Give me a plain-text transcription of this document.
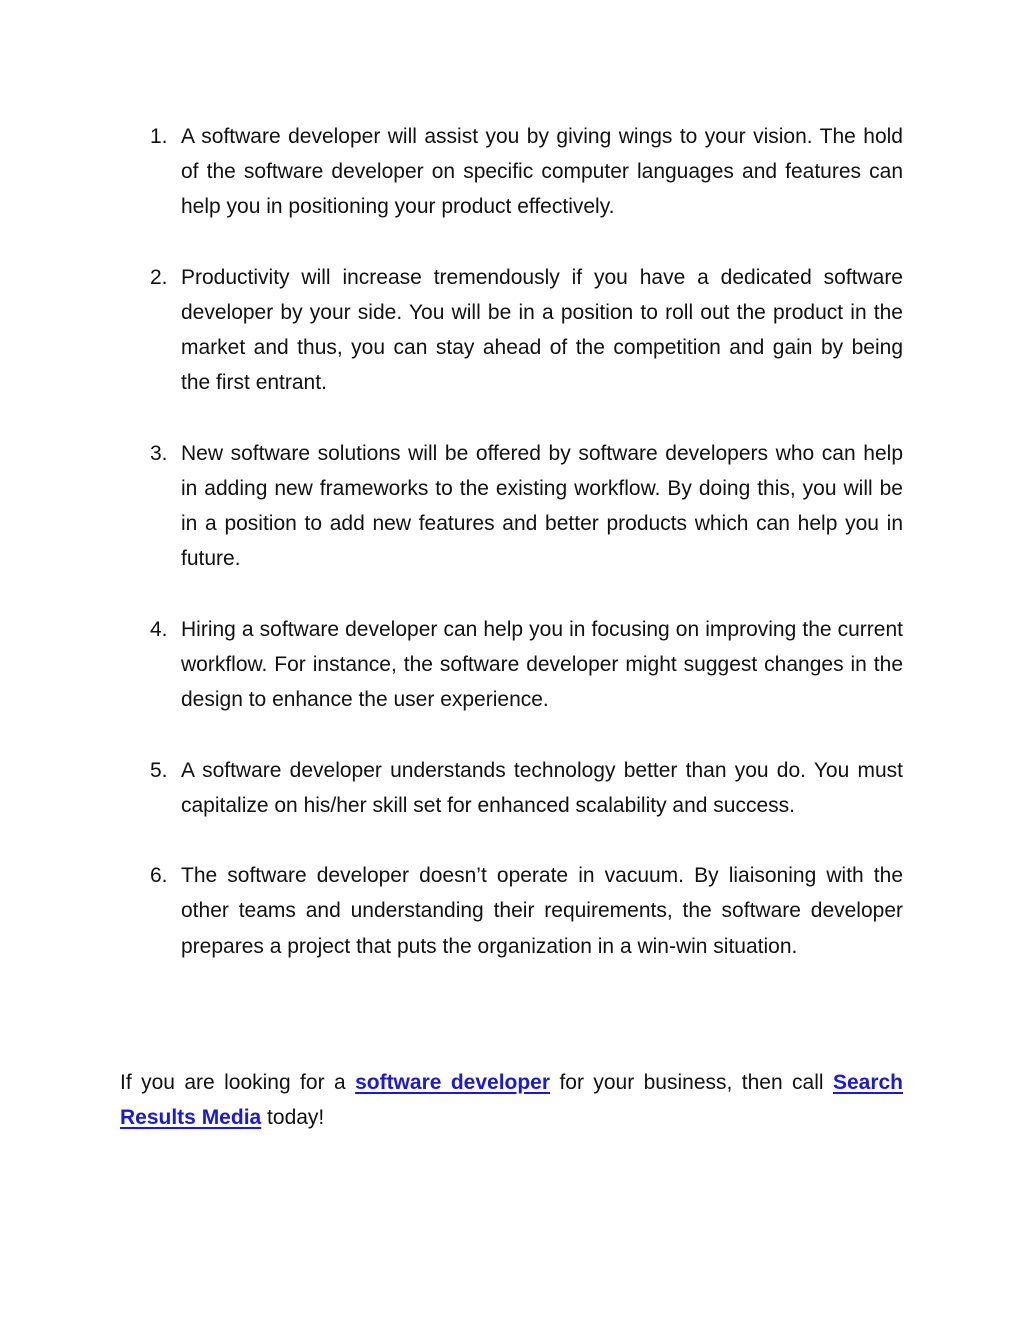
1. A software developer will assist you by giving wings to your vision. The hold of the software developer on specific computer languages and features can help you in positioning your product effectively.
2. Productivity will increase tremendously if you have a dedicated software developer by your side. You will be in a position to roll out the product in the market and thus, you can stay ahead of the competition and gain by being the first entrant.
3. New software solutions will be offered by software developers who can help in adding new frameworks to the existing workflow. By doing this, you will be in a position to add new features and better products which can help you in future.
4. Hiring a software developer can help you in focusing on improving the current workflow. For instance, the software developer might suggest changes in the design to enhance the user experience.
5. A software developer understands technology better than you do. You must capitalize on his/her skill set for enhanced scalability and success.
6. The software developer doesn’t operate in vacuum. By liaisoning with the other teams and understanding their requirements, the software developer prepares a project that puts the organization in a win-win situation.

If you are looking for a software developer for your business, then call Search Results Media today!
